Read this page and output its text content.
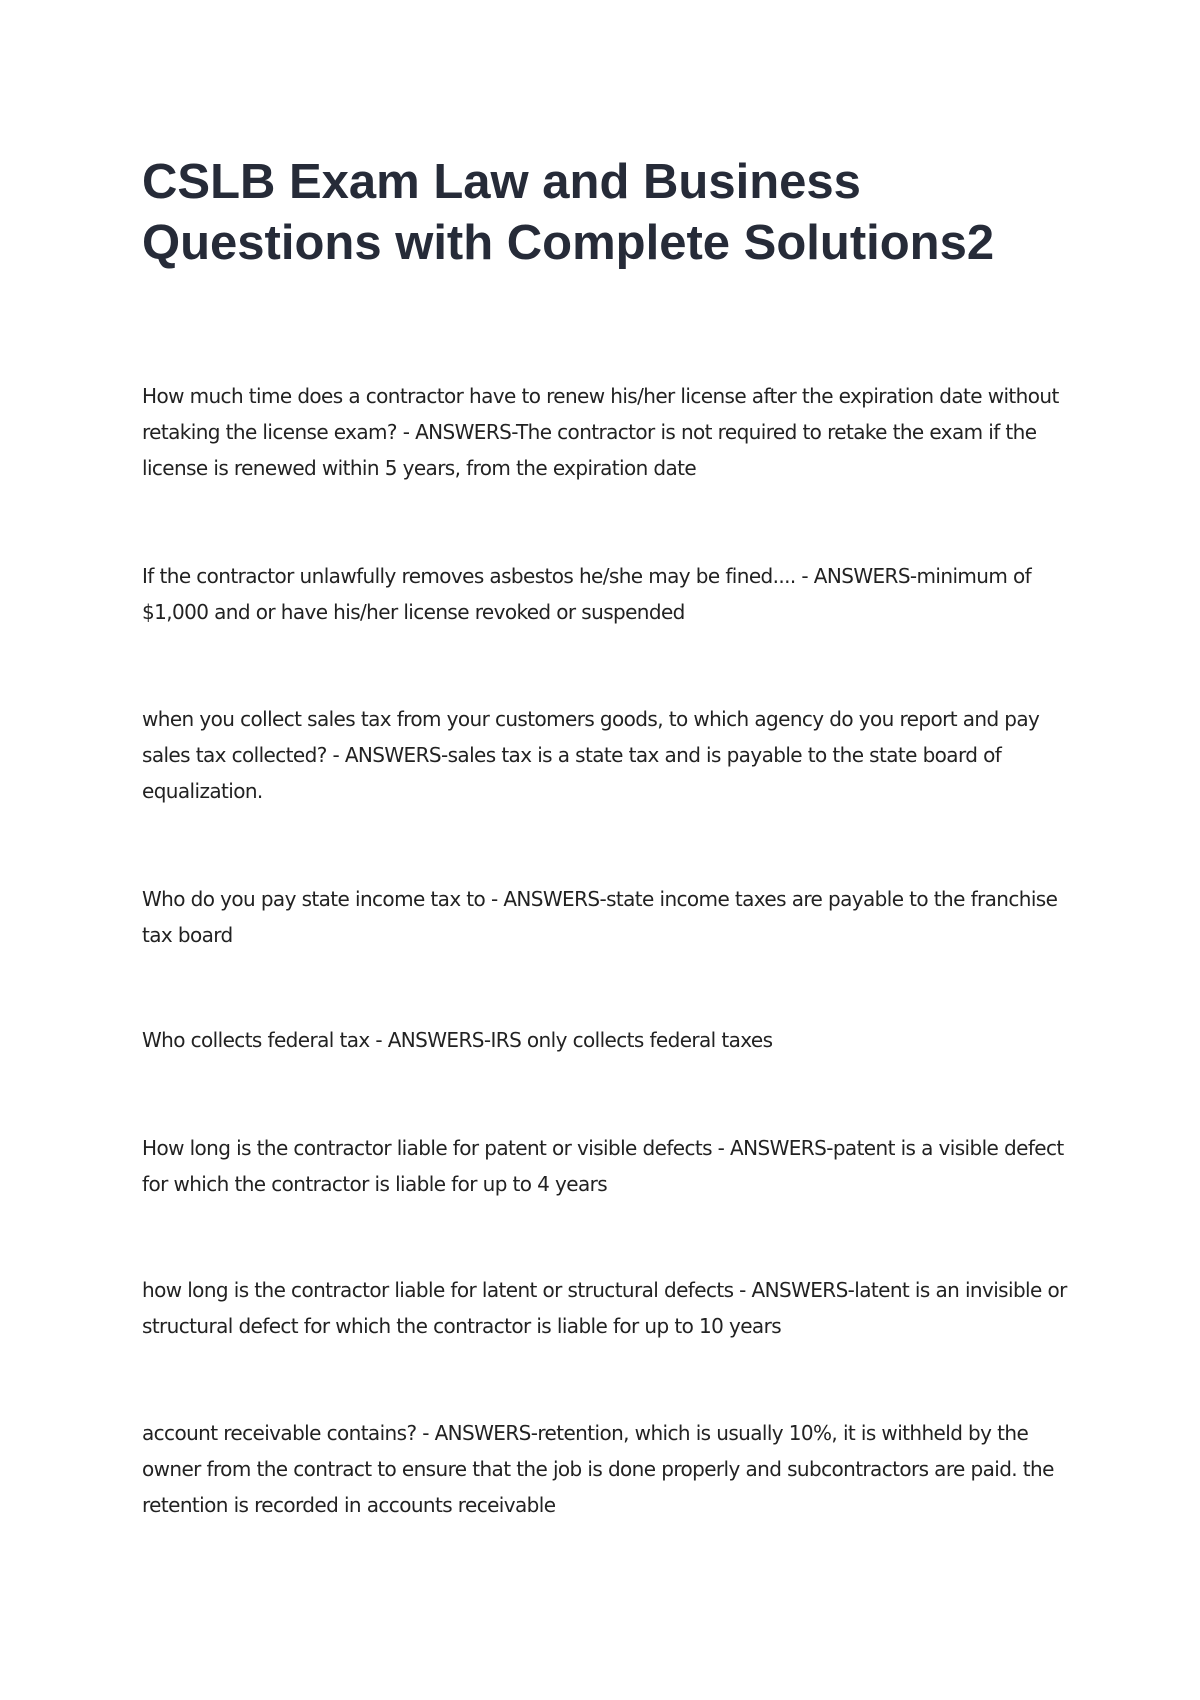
CSLB Exam Law and Business
Questions with Complete Solutions2

How much time does a contractor have to renew his/her license after the expiration date without retaking the license exam? - ANSWERS-The contractor is not required to retake the exam if the license is renewed within 5 years, from the expiration date

If the contractor unlawfully removes asbestos he/she may be fined.... - ANSWERS-minimum of $1,000 and or have his/her license revoked or suspended

when you collect sales tax from your customers goods, to which agency do you report and pay sales tax collected? - ANSWERS-sales tax is a state tax and is payable to the state board of equalization.

Who do you pay state income tax to - ANSWERS-state income taxes are payable to the franchise tax board

Who collects federal tax - ANSWERS-IRS only collects federal taxes

How long is the contractor liable for patent or visible defects - ANSWERS-patent is a visible defect for which the contractor is liable for up to 4 years

how long is the contractor liable for latent or structural defects - ANSWERS-latent is an invisible or structural defect for which the contractor is liable for up to 10 years

account receivable contains? - ANSWERS-retention, which is usually 10%, it is withheld by the owner from the contract to ensure that the job is done properly and subcontractors are paid. the retention is recorded in accounts receivable
